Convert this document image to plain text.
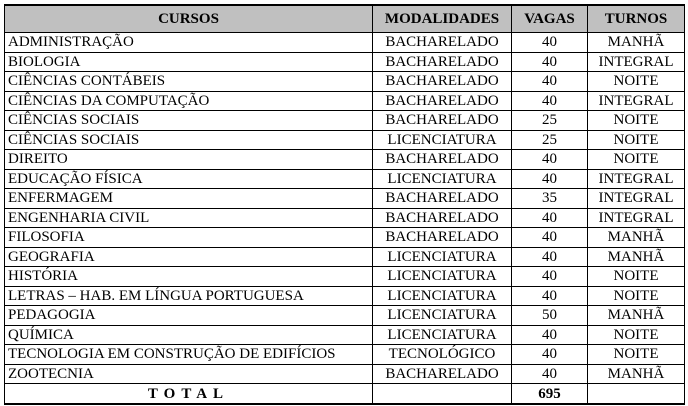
CURSOS	MODALIDADES	VAGAS	TURNOS
ADMINISTRAÇÃO	BACHARELADO	40	MANHÃ
BIOLOGIA	BACHARELADO	40	INTEGRAL
CIÊNCIAS CONTÁBEIS	BACHARELADO	40	NOITE
CIÊNCIAS DA COMPUTAÇÃO	BACHARELADO	40	INTEGRAL
CIÊNCIAS SOCIAIS	BACHARELADO	25	NOITE
CIÊNCIAS SOCIAIS	LICENCIATURA	25	NOITE
DIREITO	BACHARELADO	40	NOITE
EDUCAÇÃO FÍSICA	LICENCIATURA	40	INTEGRAL
ENFERMAGEM	BACHARELADO	35	INTEGRAL
ENGENHARIA CIVIL	BACHARELADO	40	INTEGRAL
FILOSOFIA	BACHARELADO	40	MANHÃ
GEOGRAFIA	LICENCIATURA	40	MANHÃ
HISTÓRIA	LICENCIATURA	40	NOITE
LETRAS – HAB. EM LÍNGUA PORTUGUESA	LICENCIATURA	40	NOITE
PEDAGOGIA	LICENCIATURA	50	MANHÃ
QUÍMICA	LICENCIATURA	40	NOITE
TECNOLOGIA EM CONSTRUÇÃO DE EDIFÍCIOS	TECNOLÓGICO	40	NOITE
ZOOTECNIA	BACHARELADO	40	MANHÃ
TOTAL		695	
